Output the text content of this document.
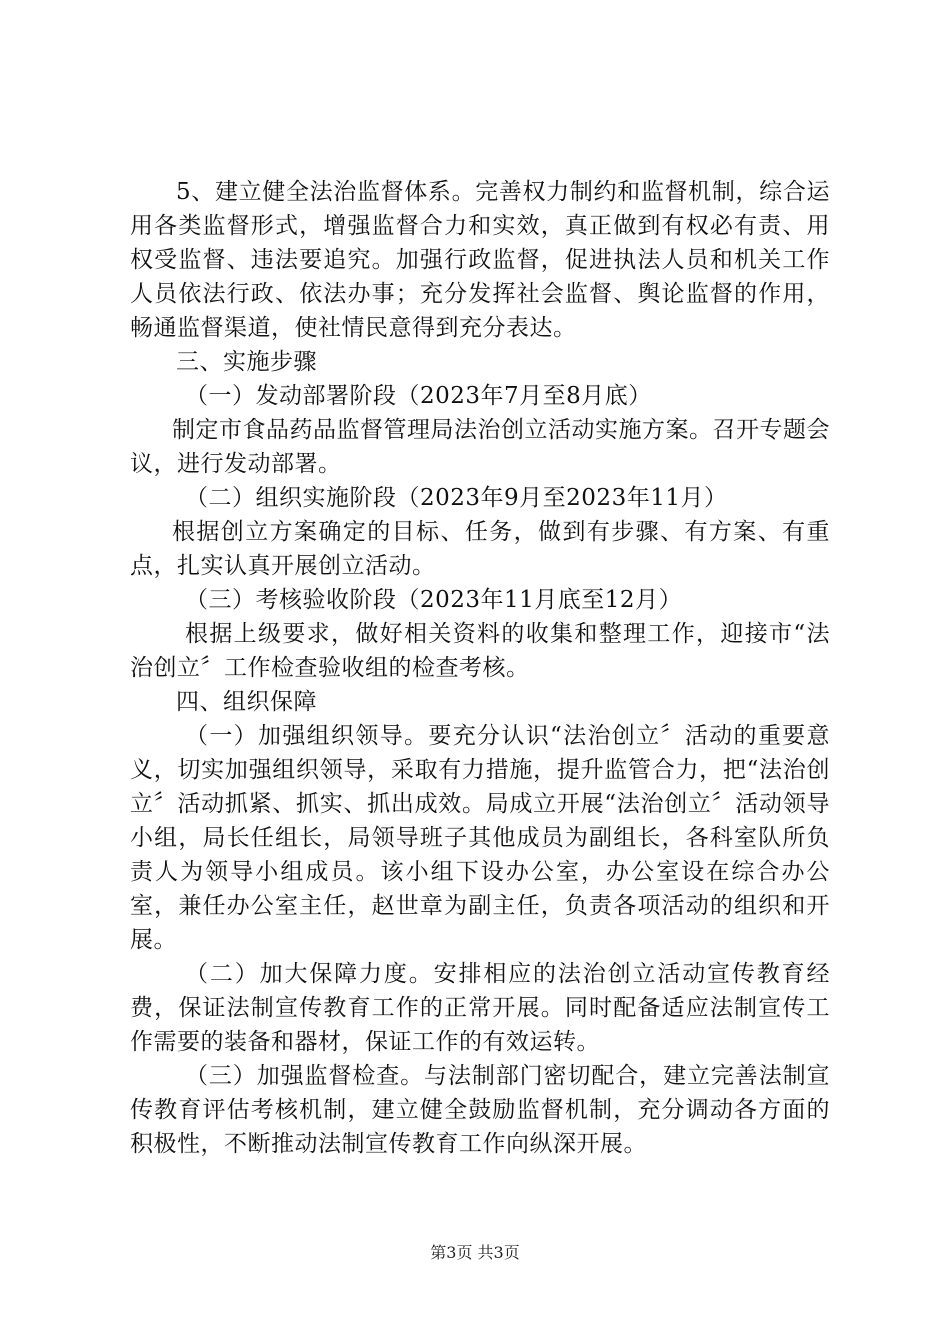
5、建立健全法治监督体系。完善权力制约和监督机制，综合运用各类监督形式，增强监督合力和实效，真正做到有权必有责、用权受监督、违法要追究。加强行政监督，促进执法人员和机关工作人员依法行政、依法办事；充分发挥社会监督、舆论监督的作用，畅通监督渠道，使社情民意得到充分表达。

三、实施步骤

（一）发动部署阶段（2023年7月至8月底）

制定市食品药品监督管理局法治创立活动实施方案。召开专题会议，进行发动部署。

（二）组织实施阶段（2023年9月至2023年11月）

根据创立方案确定的目标、任务，做到有步骤、有方案、有重点，扎实认真开展创立活动。

（三）考核验收阶段（2023年11月底至12月）

根据上级要求，做好相关资料的收集和整理工作，迎接市“法治创立〞工作检查验收组的检查考核。

四、组织保障

（一）加强组织领导。要充分认识“法治创立〞活动的重要意义，切实加强组织领导，采取有力措施，提升监管合力，把“法治创立〞活动抓紧、抓实、抓出成效。局成立开展“法治创立〞活动领导小组，局长任组长，局领导班子其他成员为副组长，各科室队所负责人为领导小组成员。该小组下设办公室，办公室设在综合办公室，兼任办公室主任，赵世章为副主任，负责各项活动的组织和开展。

（二）加大保障力度。安排相应的法治创立活动宣传教育经费，保证法制宣传教育工作的正常开展。同时配备适应法制宣传工作需要的装备和器材，保证工作的有效运转。

（三）加强监督检查。与法制部门密切配合，建立完善法制宣传教育评估考核机制，建立健全鼓励监督机制，充分调动各方面的积极性，不断推动法制宣传教育工作向纵深开展。

第3页 共3页
